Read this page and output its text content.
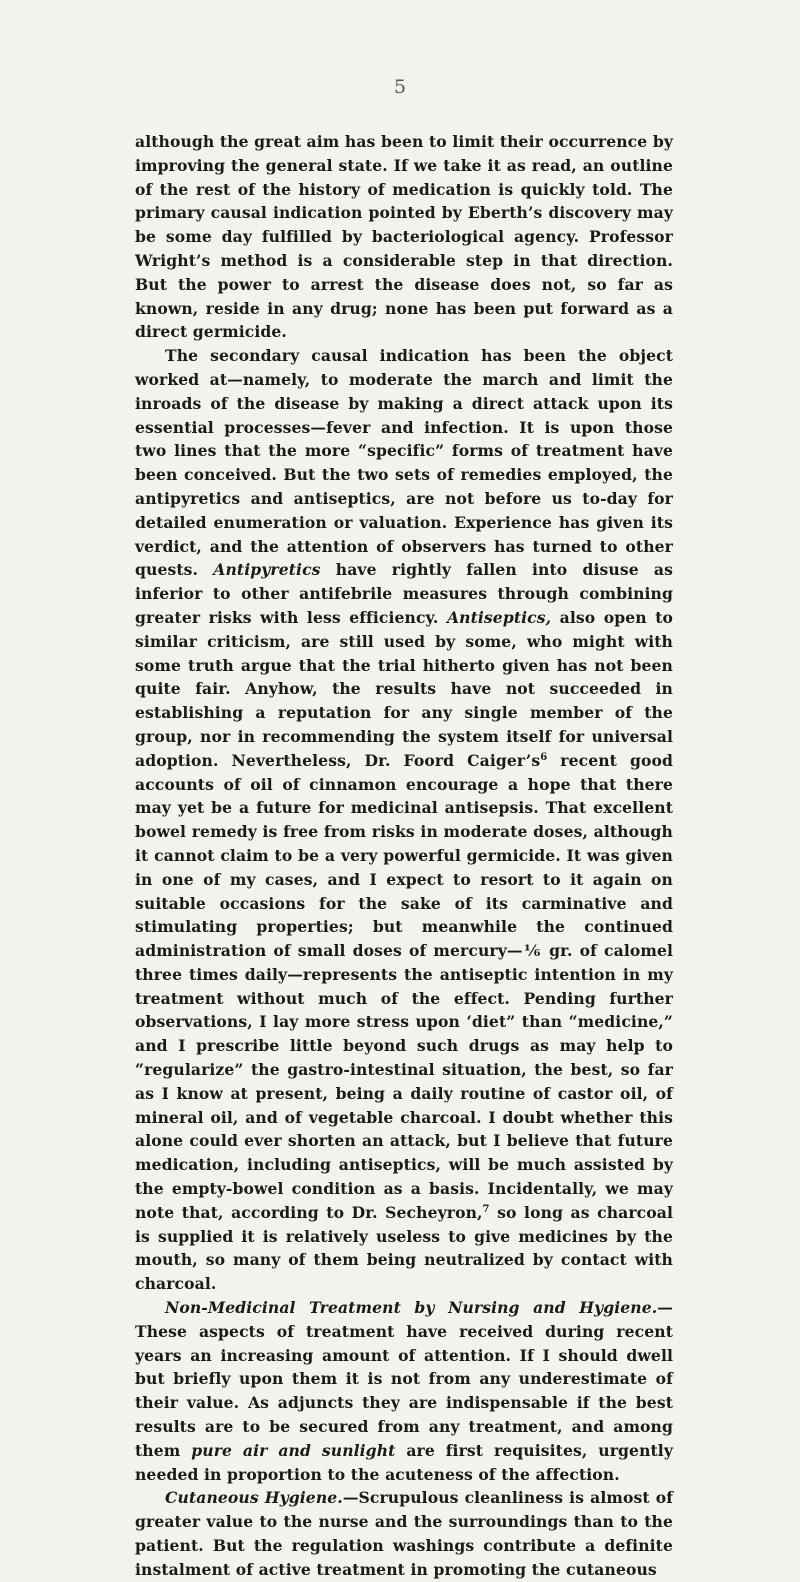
5

although the great aim has been to limit their occurrence by improving the general state. If we take it as read, an outline of the rest of the history of medication is quickly told. The primary causal indication pointed by Eberth’s discovery may be some day fulfilled by bacteriological agency. Professor Wright’s method is a considerable step in that direction. But the power to arrest the disease does not, so far as known, reside in any drug; none has been put forward as a direct germicide.

The secondary causal indication has been the object worked at—namely, to moderate the march and limit the inroads of the disease by making a direct attack upon its essential processes—fever and infection. It is upon those two lines that the more “specific” forms of treatment have been conceived. But the two sets of remedies employed, the antipyretics and antiseptics, are not before us to-day for detailed enumeration or valuation. Experience has given its verdict, and the attention of observers has turned to other quests. Antipyretics have rightly fallen into disuse as inferior to other antifebrile measures through combining greater risks with less efficiency. Antiseptics, also open to similar criticism, are still used by some, who might with some truth argue that the trial hitherto given has not been quite fair. Anyhow, the results have not succeeded in establishing a reputation for any single member of the group, nor in recommending the system itself for universal adoption. Nevertheless, Dr. Foord $Caiger’s^6$ recent good accounts of oil of cinnamon encourage a hope that there may yet be a future for medicinal antisepsis. That excellent bowel remedy is free from risks in moderate doses, although it cannot claim to be a very powerful germicide. It was given in one of my cases, and I expect to resort to it again on suitable occasions for the sake of its carminative and stimulating properties; but meanwhile the continued administration of small doses of mercury—⅙ gr. of calomel three times daily—represents the antiseptic intention in my treatment without much of the effect. Pending further observations, I lay more stress upon ‘diet” than “medicine,” and I prescribe little beyond such drugs as may help to “regularize” the gastro-intestinal situation, the best, so far as I know at present, being a daily routine of castor oil, of mineral oil, and of vegetable charcoal. I doubt whether this alone could ever shorten an attack, but I believe that future medication, including antiseptics, will be much assisted by the empty-bowel condition as a basis. Incidentally, we may note that, according to Dr. Secheyron,$^7$ so long as charcoal is supplied it is relatively useless to give medicines by the mouth, so many of them being neutralized by contact with charcoal.

Non-Medicinal Treatment by Nursing and Hygiene.—These aspects of treatment have received during recent years an increasing amount of attention. If I should dwell but briefly upon them it is not from any underestimate of their value. As adjuncts they are indispensable if the best results are to be secured from any treatment, and among them pure air and sunlight are first requisites, urgently needed in proportion to the acuteness of the affection.

Cutaneous Hygiene.—Scrupulous cleanliness is almost of greater value to the nurse and the surroundings than to the patient. But the regulation washings contribute a definite instalment of active treatment in promoting the cutaneous
